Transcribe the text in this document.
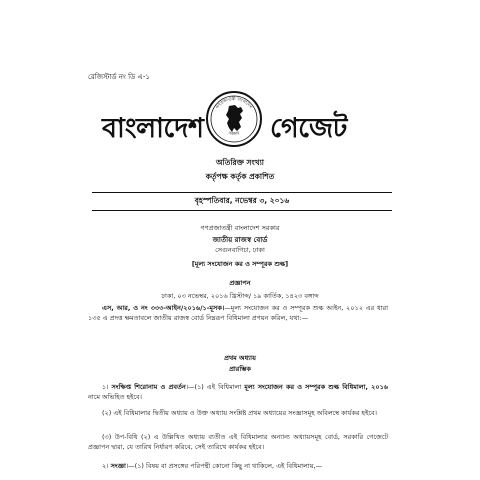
রেজিস্টার্ড নং ডি এ-১
বাংলাদেশ
গণপ্রজাতন্ত্রী বাংলাদেশ
সরকার গেজেট
অতিরিক্ত সংখ্যা
কর্তৃপক্ষ কর্তৃক প্রকাশিত
বৃহস্পতিবার, নভেম্বর ৩, ২০১৬
গণপ্রজাতন্ত্রী বাংলাদেশ সরকার
জাতীয় রাজস্ব বোর্ড
সেগুনবাগিচা, ঢাকা
[মূল্য সংযোজন কর ও সম্পূরক শুল্ক]
প্রজ্ঞাপন
ঢাকা, ০৩ নভেম্বর, ২০১৬ খ্রিস্টাব্দ/ ১৯ কার্তিক, ১৪২৩ বঙ্গাব্দ
এস, আর, ও নং ৩৩৩-আইন/২০১৬/১-মূসক।—মূল্য সংযোজন কর ও সম্পূরক শুল্ক আইন, ২০১২ এর ধারা ১৩৫ এ প্রদত্ত ক্ষমতাবলে জাতীয় রাজস্ব বোর্ড নিম্নরূপ বিধিমালা প্রণয়ন করিল, যথা:—
প্রথম অধ্যায়
প্রারম্ভিক
১। সংক্ষিপ্ত শিরোনাম ও প্রবর্তন।—(১) এই বিধিমালা মূল্য সংযোজন কর ও সম্পূরক শুল্ক বিধিমালা, ২০১৬ নামে অভিহিত হইবে।
(২) এই বিধিমালার দ্বিতীয় অধ্যায় ও উক্ত অধ্যায় সংশ্লিষ্ট প্রথম অধ্যায়ের সংজ্ঞাসমূহ অবিলম্বে কার্যকর হইবে।
(৩) উপ-বিধি (২) এ উল্লিখিত অধ্যায় ব্যতীত এই বিধিমালার অন্যান্য অধ্যায়সমূহ বোর্ড, সরকারি গেজেটে প্রজ্ঞাপন দ্বারা, যে তারিখ নির্ধারণ করিবে, সেই তারিখে কার্যকর হইবে।
২। সংজ্ঞা।—(১) বিষয় বা প্রসঙ্গের পরিপন্থী কোনো কিছু না থাকিলে, এই বিধিমালায়,—
